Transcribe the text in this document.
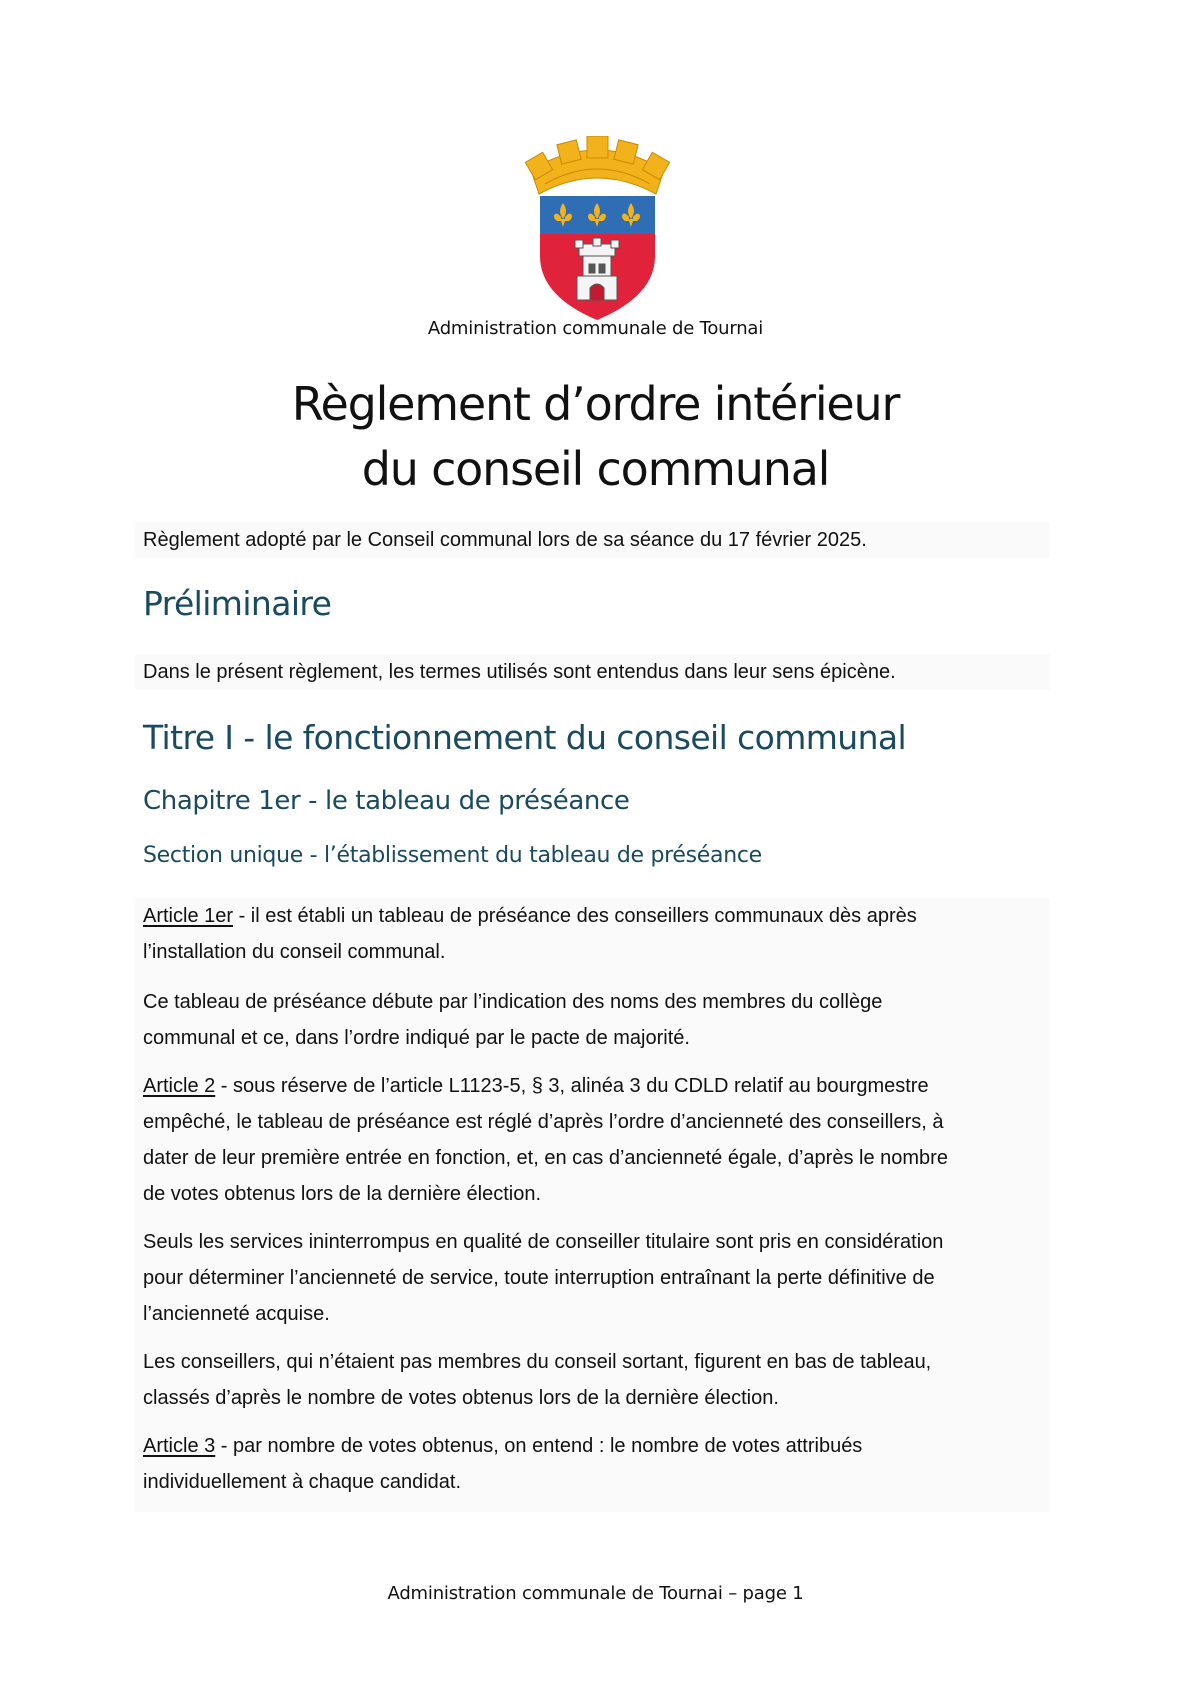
Administration communale de Tournai
Règlement d’ordre intérieur
du conseil communal

Règlement adopté par le Conseil communal lors de sa séance du 17 février 2025.

Préliminaire

Dans le présent règlement, les termes utilisés sont entendus dans leur sens épicène.

Titre I - le fonctionnement du conseil communal
Chapitre 1er - le tableau de préséance
Section unique - l’établissement du tableau de préséance

Article 1er - il est établi un tableau de préséance des conseillers communaux dès après

l’installation du conseil communal.

Ce tableau de préséance débute par l’indication des noms des membres du collège

communal et ce, dans l’ordre indiqué par le pacte de majorité.

Article 2 - sous réserve de l’article L1123-5, § 3, alinéa 3 du CDLD relatif au bourgmestre

empêché, le tableau de préséance est réglé d’après l’ordre d’ancienneté des conseillers, à

dater de leur première entrée en fonction, et, en cas d’ancienneté égale, d’après le nombre

de votes obtenus lors de la dernière élection.

Seuls les services ininterrompus en qualité de conseiller titulaire sont pris en considération

pour déterminer l’ancienneté de service, toute interruption entraînant la perte définitive de

l’ancienneté acquise.

Les conseillers, qui n’étaient pas membres du conseil sortant, figurent en bas de tableau,

classés d’après le nombre de votes obtenus lors de la dernière élection.

Article 3 - par nombre de votes obtenus, on entend : le nombre de votes attribués

individuellement à chaque candidat.

Administration communale de Tournai – page 1
